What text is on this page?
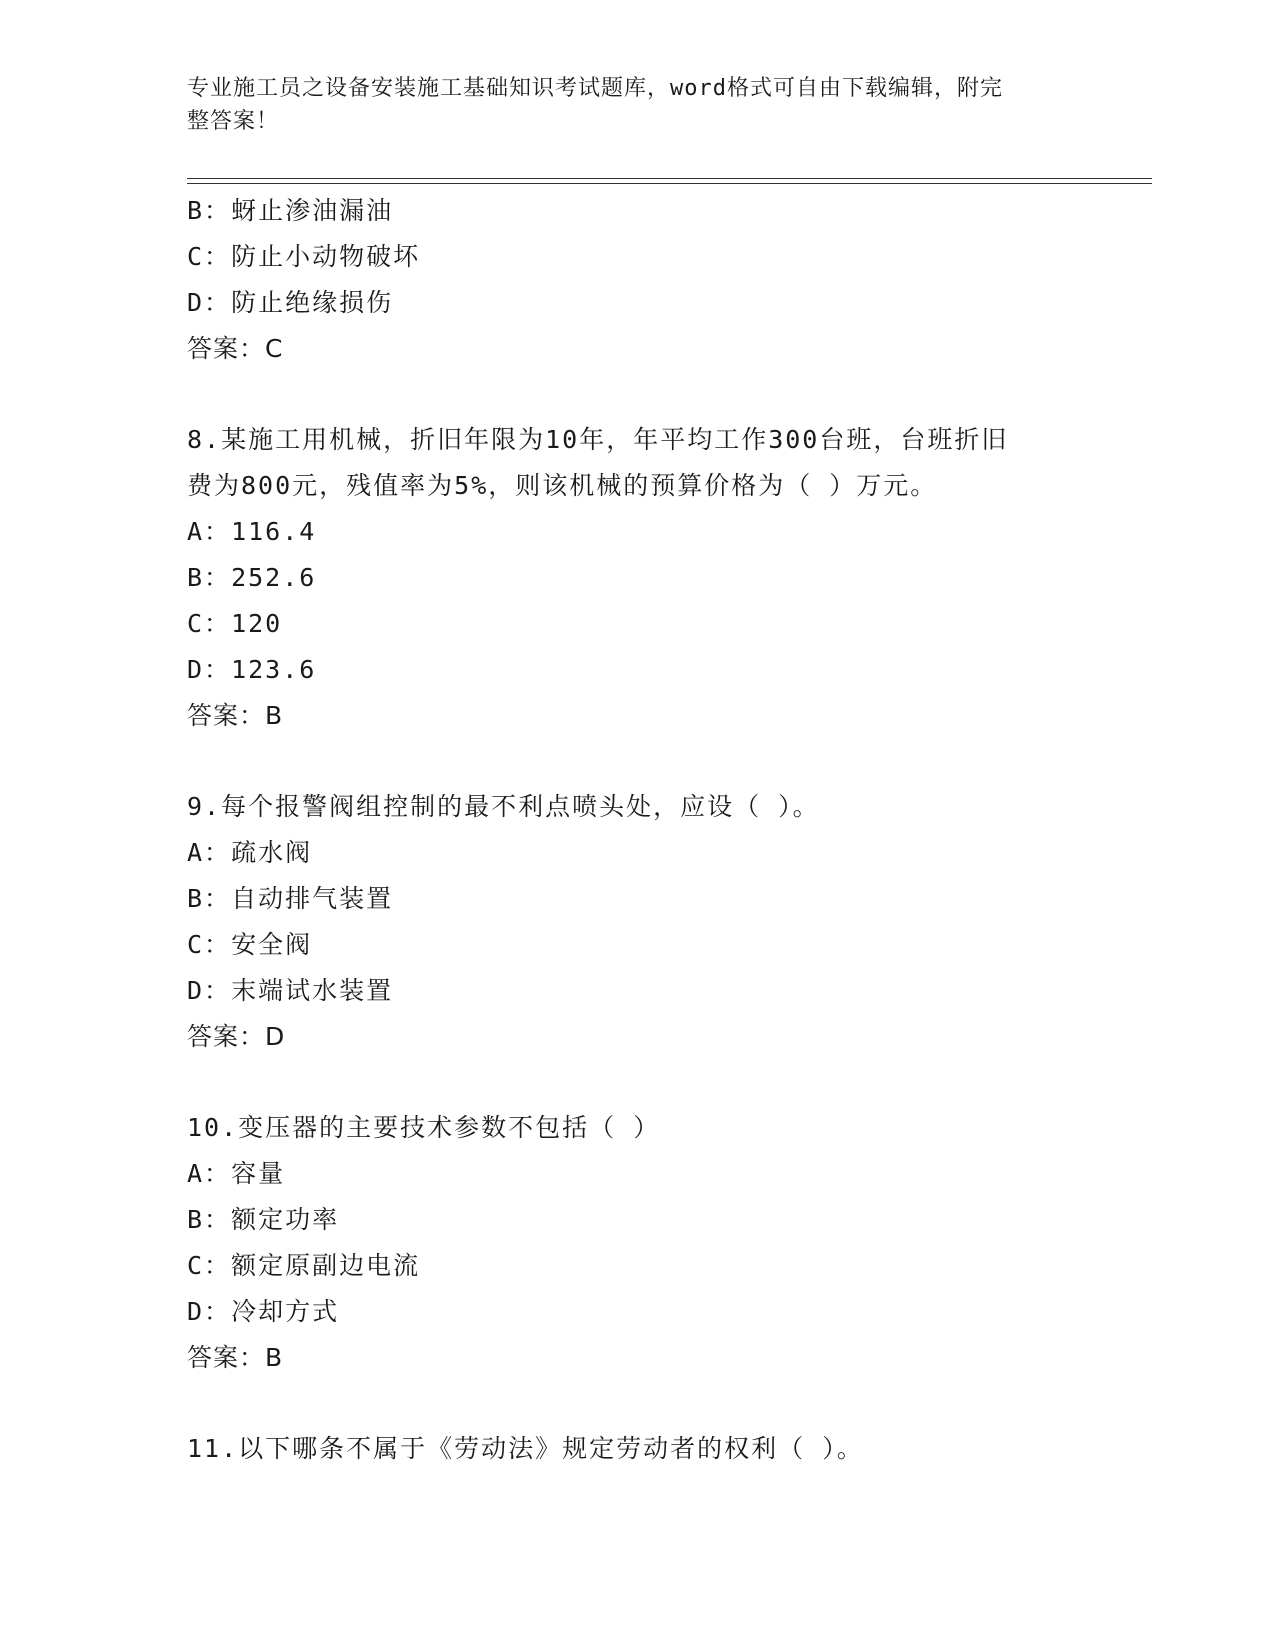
专业施工员之设备安装施工基础知识考试题库，word格式可自由下载编辑，附完
整答案！
B：蚜止渗油漏油
C：防止小动物破坏
D：防止绝缘损伤
答案：C
8.某施工用机械，折旧年限为10年，年平均工作300台班，台班折旧
费为800元，残值率为5%，则该机械的预算价格为（ ）万元。
A：116.4
B：252.6
C：120
D：123.6
答案：B
9.每个报警阀组控制的最不利点喷头处，应设（ ）。
A：疏水阀
B：自动排气装置
C：安全阀
D：末端试水装置
答案：D
10.变压器的主要技术参数不包括（ ）
A：容量
B：额定功率
C：额定原副边电流
D：冷却方式
答案：B
11.以下哪条不属于《劳动法》规定劳动者的权利（ ）。
